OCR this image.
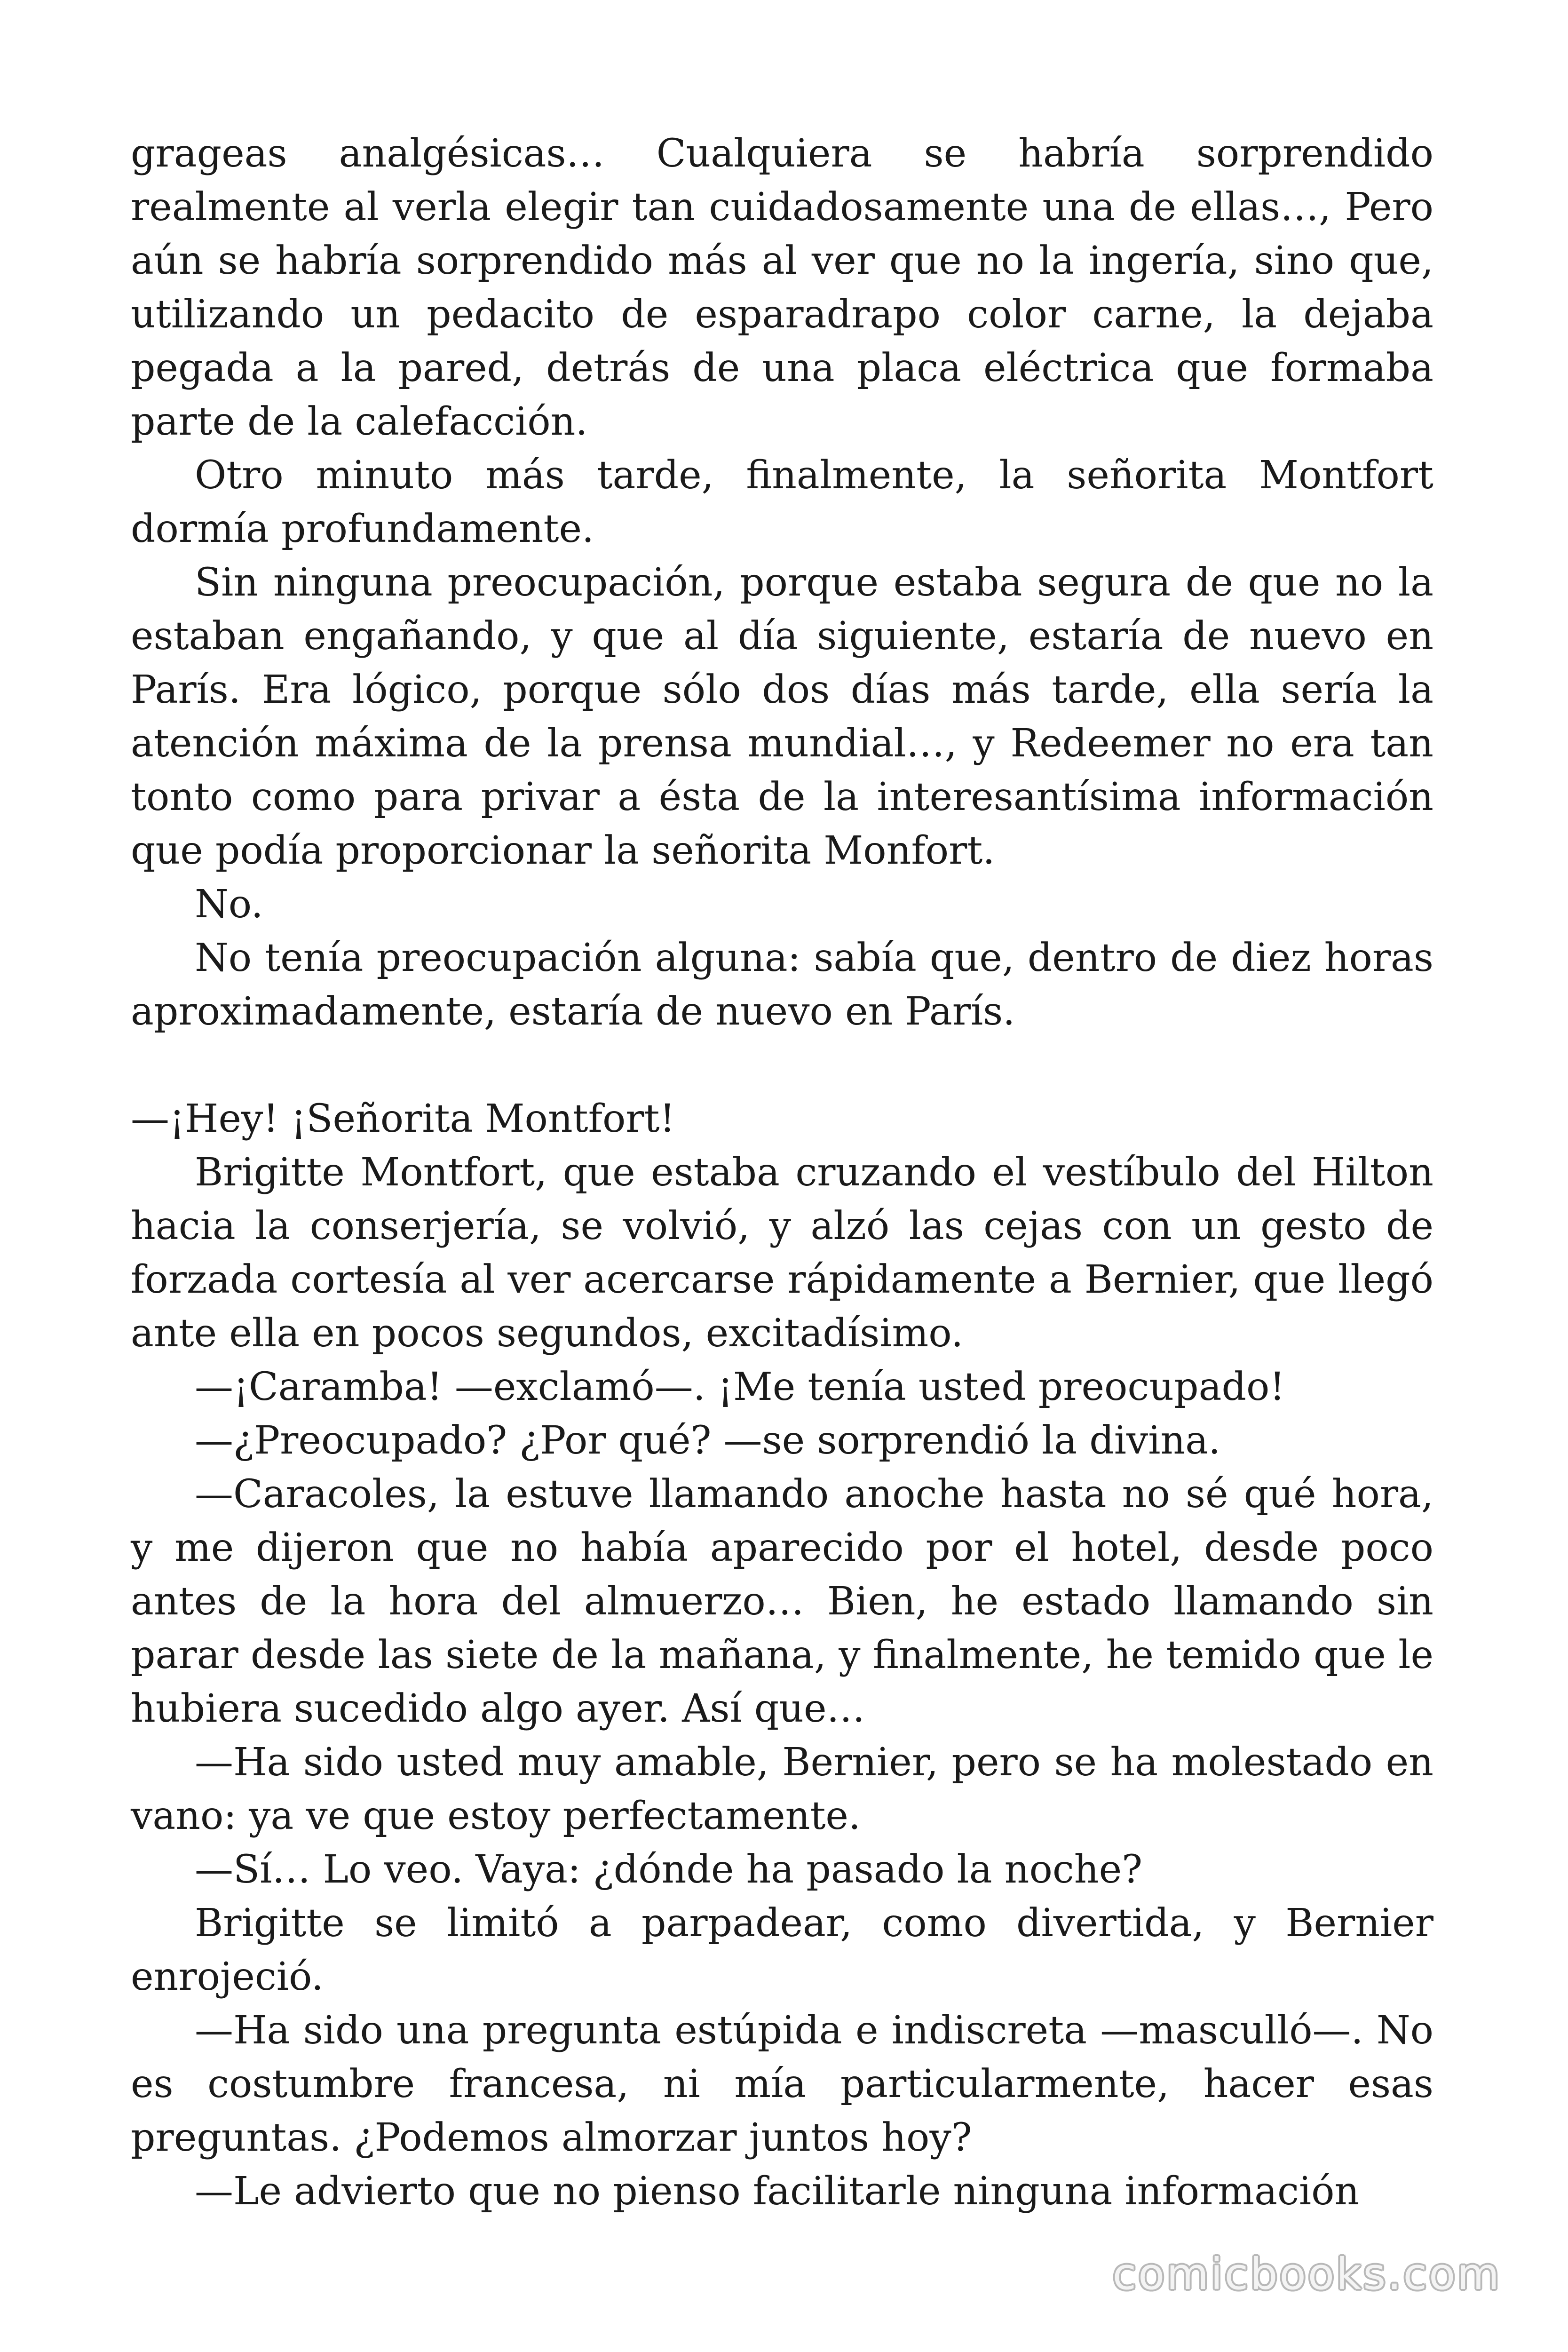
grageas analgésicas… Cualquiera se habría sorprendido realmente al verla elegir tan cuidadosamente una de ellas…, Pero aún se habría sorprendido más al ver que no la ingería, sino que, utilizando un pedacito de esparadrapo color carne, la dejaba pegada a la pared, detrás de una placa eléctrica que formaba parte de la calefacción.

Otro minuto más tarde, finalmente, la señorita Montfort dormía profundamente.

Sin ninguna preocupación, porque estaba segura de que no la estaban engañando, y que al día siguiente, estaría de nuevo en París. Era lógico, porque sólo dos días más tarde, ella sería la atención máxima de la prensa mundial…, y Redeemer no era tan tonto como para privar a ésta de la interesantísima información que podía proporcionar la señorita Monfort.

No.

No tenía preocupación alguna: sabía que, dentro de diez horas aproximadamente, estaría de nuevo en París.

—¡Hey! ¡Señorita Montfort!

Brigitte Montfort, que estaba cruzando el vestíbulo del Hilton hacia la conserjería, se volvió, y alzó las cejas con un gesto de forzada cortesía al ver acercarse rápidamente a Bernier, que llegó ante ella en pocos segundos, excitadísimo.

—¡Caramba! —exclamó—. ¡Me tenía usted preocupado!

—¿Preocupado? ¿Por qué? —se sorprendió la divina.

—Caracoles, la estuve llamando anoche hasta no sé qué hora, y me dijeron que no había aparecido por el hotel, desde poco antes de la hora del almuerzo… Bien, he estado llamando sin parar desde las siete de la mañana, y finalmente, he temido que le hubiera sucedido algo ayer. Así que…

—Ha sido usted muy amable, Bernier, pero se ha molestado en vano: ya ve que estoy perfectamente.

—Sí… Lo veo. Vaya: ¿dónde ha pasado la noche?

Brigitte se limitó a parpadear, como divertida, y Bernier enrojeció.

—Ha sido una pregunta estúpida e indiscreta —masculló—. No es costumbre francesa, ni mía particularmente, hacer esas preguntas. ¿Podemos almorzar juntos hoy?

—Le advierto que no pienso facilitarle ninguna información

comicbooks.com
